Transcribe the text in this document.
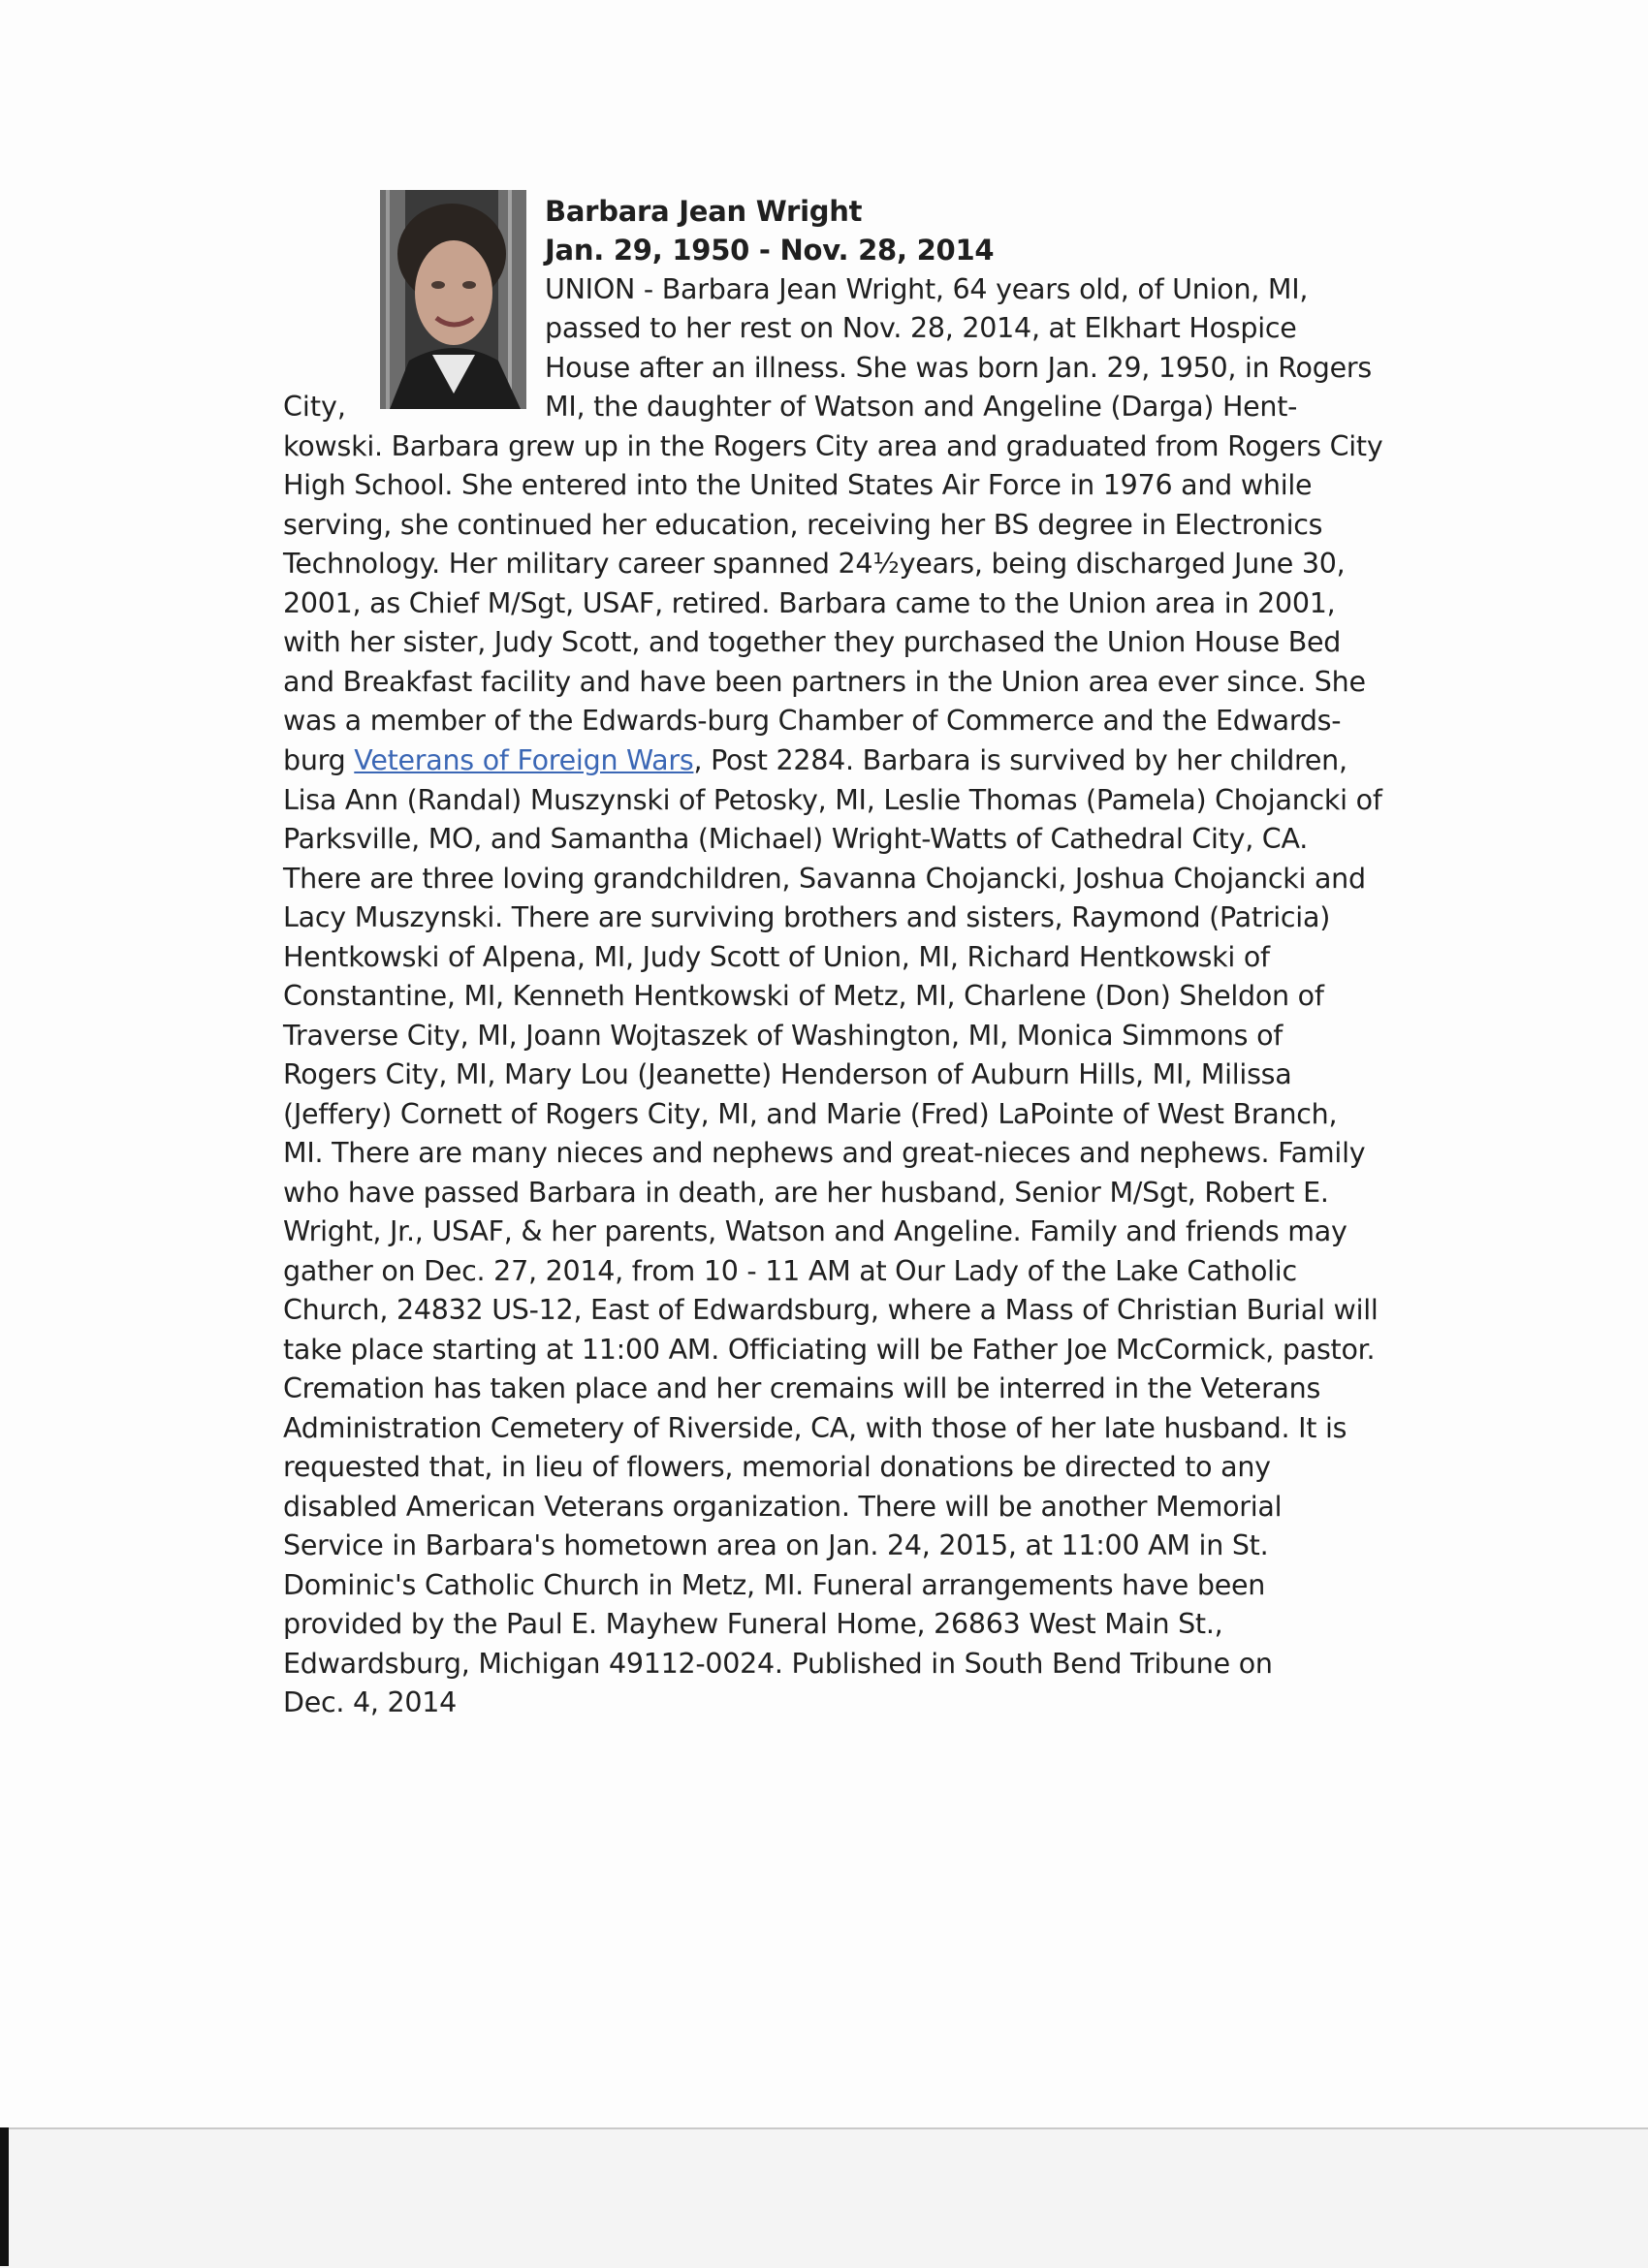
Barbara Jean Wright
Jan. 29, 1950 - Nov. 28, 2014
UNION - Barbara Jean Wright, 64 years old, of Union, MI,
passed to her rest on Nov. 28, 2014, at Elkhart Hospice
House after an illness. She was born Jan. 29, 1950, in Rogers
City,	MI, the daughter of Watson and Angeline (Darga) Hent-
kowski. Barbara grew up in the Rogers City area and graduated from Rogers City
High School. She entered into the United States Air Force in 1976 and while
serving, she continued her education, receiving her BS degree in Electronics
Technology. Her military career spanned 24½years, being discharged June 30,
2001, as Chief M/Sgt, USAF, retired. Barbara came to the Union area in 2001,
with her sister, Judy Scott, and together they purchased the Union House Bed
and Breakfast facility and have been partners in the Union area ever since. She
was a member of the Edwards-burg Chamber of Commerce and the Edwards-
burg Veterans of Foreign Wars, Post 2284. Barbara is survived by her children,
Lisa Ann (Randal) Muszynski of Petosky, MI, Leslie Thomas (Pamela) Chojancki of
Parksville, MO, and Samantha (Michael) Wright-Watts of Cathedral City, CA.
There are three loving grandchildren, Savanna Chojancki, Joshua Chojancki and
Lacy Muszynski. There are surviving brothers and sisters, Raymond (Patricia)
Hentkowski of Alpena, MI, Judy Scott of Union, MI, Richard Hentkowski of
Constantine, MI, Kenneth Hentkowski of Metz, MI, Charlene (Don) Sheldon of
Traverse City, MI, Joann Wojtaszek of Washington, MI, Monica Simmons of
Rogers City, MI, Mary Lou (Jeanette) Henderson of Auburn Hills, MI, Milissa
(Jeffery) Cornett of Rogers City, MI, and Marie (Fred) LaPointe of West Branch,
MI. There are many nieces and nephews and great-nieces and nephews. Family
who have passed Barbara in death, are her husband, Senior M/Sgt, Robert E.
Wright, Jr., USAF, & her parents, Watson and Angeline. Family and friends may
gather on Dec. 27, 2014, from 10 - 11 AM at Our Lady of the Lake Catholic
Church, 24832 US-12, East of Edwardsburg, where a Mass of Christian Burial will
take place starting at 11:00 AM. Officiating will be Father Joe McCormick, pastor.
Cremation has taken place and her cremains will be interred in the Veterans
Administration Cemetery of Riverside, CA, with those of her late husband. It is
requested that, in lieu of flowers, memorial donations be directed to any
disabled American Veterans organization. There will be another Memorial
Service in Barbara's hometown area on Jan. 24, 2015, at 11:00 AM in St.
Dominic's Catholic Church in Metz, MI. Funeral arrangements have been
provided by the Paul E. Mayhew Funeral Home, 26863 West Main St.,
Edwardsburg, Michigan 49112-0024. Published in South Bend Tribune on
Dec. 4, 2014
